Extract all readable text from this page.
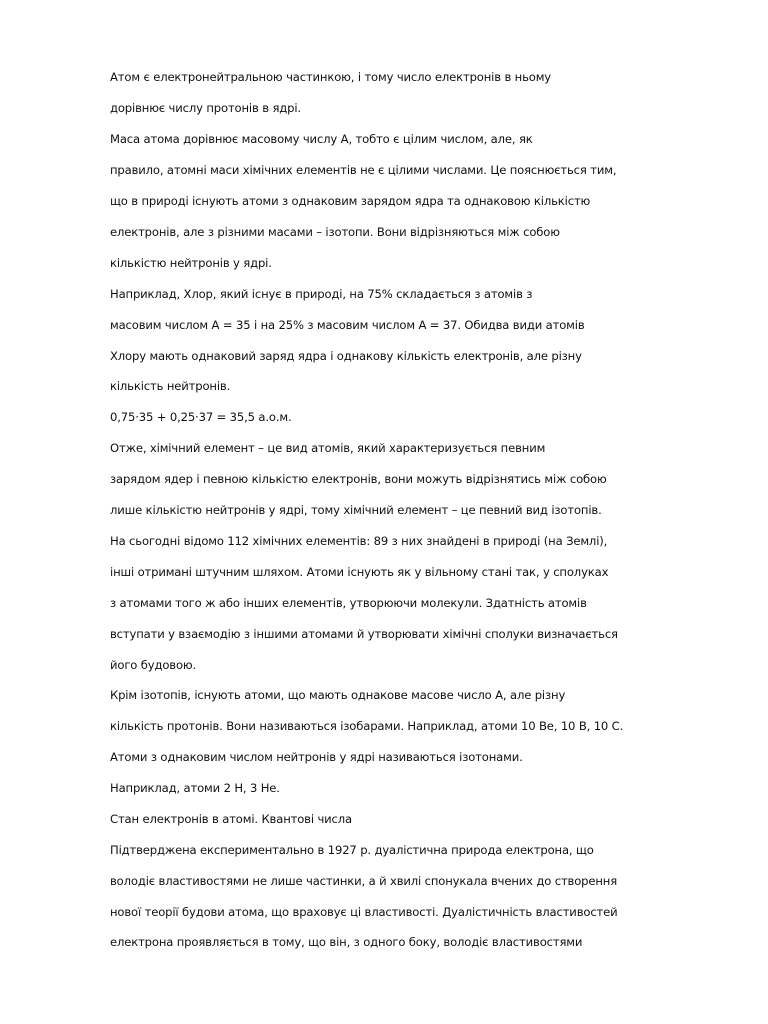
Атом є електронейтральною частинкою, і тому число електронів в ньому
дорівнює числу протонів в ядрі.
Маса атома дорівнює масовому числу А, тобто є цілим числом, але, як
правило, атомні маси хімічних елементів не є цілими числами. Це пояснюється тим,
що в природі існують атоми з однаковим зарядом ядра та однаковою кількістю
електронів, але з різними масами – ізотопи. Вони відрізняються між собою
кількістю нейтронів у ядрі.
Наприклад, Хлор, який існує в природі, на 75% складається з атомів з
масовим числом А = 35 і на 25% з масовим числом А = 37. Обидва види атомів
Хлору мають однаковий заряд ядра і однакову кількість електронів, але різну
кількість нейтронів.
0,75·35 + 0,25·37 = 35,5 а.о.м.
Отже, хімічний елемент – це вид атомів, який характеризується певним
зарядом ядер і певною кількістю електронів, вони можуть відрізнятись між собою
лише кількістю нейтронів у ядрі, тому хімічний елемент – це певний вид ізотопів.
На сьогодні відомо 112 хімічних елементів: 89 з них знайдені в природі (на Землі),
інші отримані штучним шляхом. Атоми існують як у вільному стані так, у сполуках
з атомами того ж або інших елементів, утворюючи молекули. Здатність атомів
вступати у взаємодію з іншими атомами й утворювати хімічні сполуки визначається
його будовою.
Крім ізотопів, існують атоми, що мають однакове масове число А, але різну
кількість протонів. Вони називаються ізобарами. Наприклад, атоми 10 Be, 10 B, 10 C.
Атоми з однаковим числом нейтронів у ядрі називаються ізотонами.
Наприклад, атоми 2 H, 3 He.
Стан електронів в атомі. Квантові числа
Підтверджена експериментально в 1927 р. дуалістична природа електрона, що
володіє властивостями не лише частинки, а й хвилі спонукала вчених до створення
нової теорії будови атома, що враховує ці властивості. Дуалістичність властивостей
електрона проявляється в тому, що він, з одного боку, володіє властивостями
